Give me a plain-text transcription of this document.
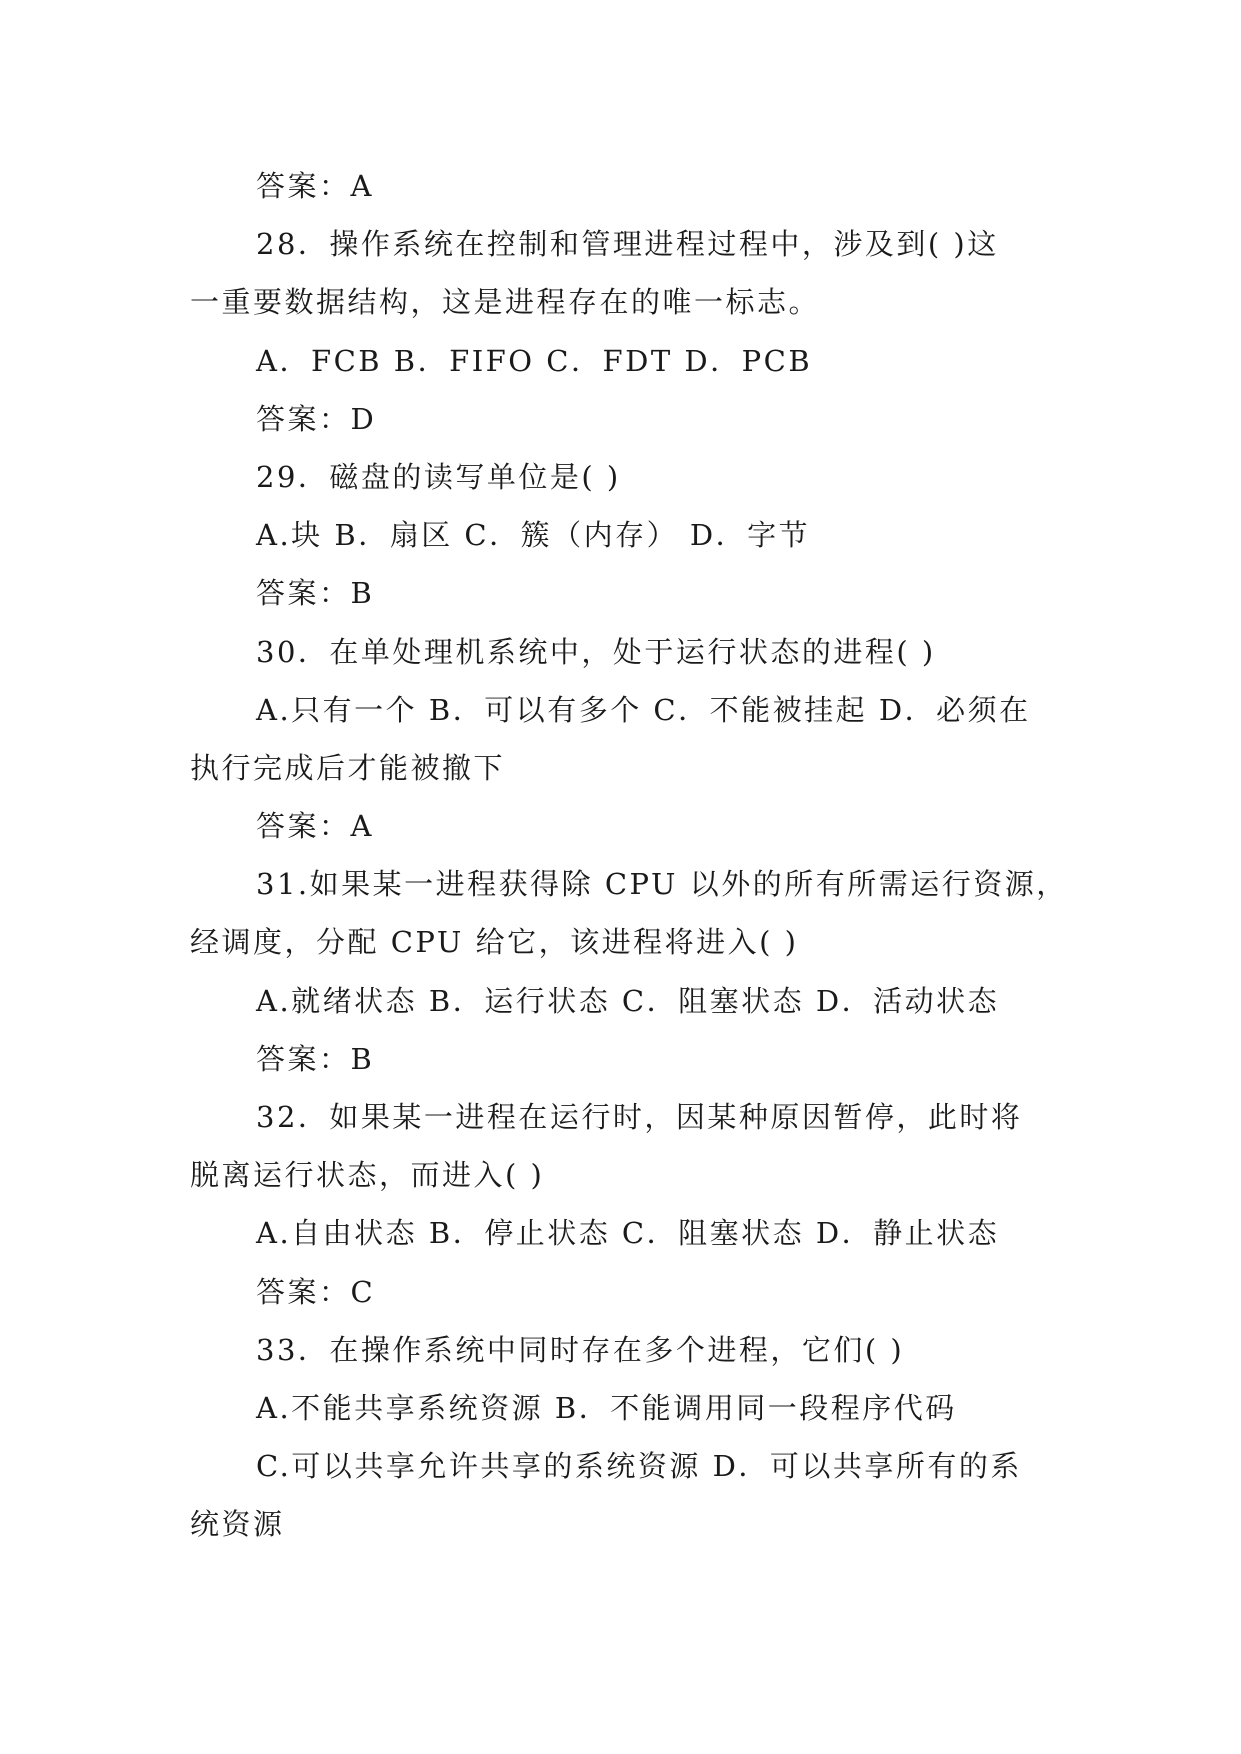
答案：A
28．操作系统在控制和管理进程过程中，涉及到( )这
一重要数据结构，这是进程存在的唯一标志。
A．FCB B．FIFO C．FDT D．PCB
答案：D
29．磁盘的读写单位是( )
A.块 B．扇区 C．簇（内存） D．字节
答案：B
30．在单处理机系统中，处于运行状态的进程( )
A.只有一个 B．可以有多个 C．不能被挂起 D．必须在
执行完成后才能被撤下
答案：A
31.如果某一进程获得除 CPU 以外的所有所需运行资源，
经调度，分配 CPU 给它，该进程将进入( )
A.就绪状态 B．运行状态 C．阻塞状态 D．活动状态
答案：B
32．如果某一进程在运行时，因某种原因暂停，此时将
脱离运行状态，而进入( )
A.自由状态 B．停止状态 C．阻塞状态 D．静止状态
答案：C
33．在操作系统中同时存在多个进程，它们( )
A.不能共享系统资源 B．不能调用同一段程序代码
C.可以共享允许共享的系统资源 D．可以共享所有的系
统资源
